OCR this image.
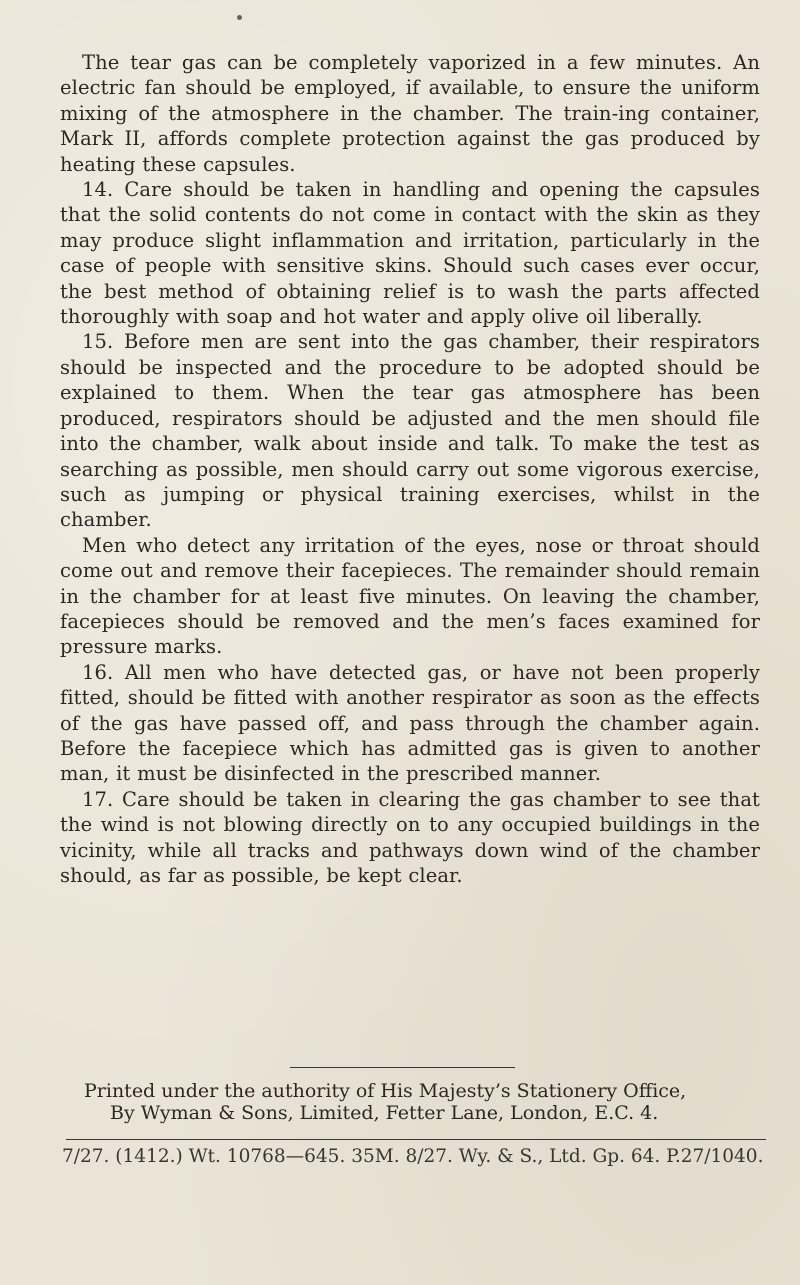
The tear gas can be completely vaporized in a few minutes. An electric fan should be employed, if available, to ensure the uniform mixing of the atmosphere in the chamber. The train-ing container, Mark II, affords complete protection against the gas produced by heating these capsules.

14. Care should be taken in handling and opening the capsules that the solid contents do not come in contact with the skin as they may produce slight inflammation and irritation, particularly in the case of people with sensitive skins. Should such cases ever occur, the best method of obtaining relief is to wash the parts affected thoroughly with soap and hot water and apply olive oil liberally.

15. Before men are sent into the gas chamber, their respirators should be inspected and the procedure to be adopted should be explained to them. When the tear gas atmosphere has been produced, respirators should be adjusted and the men should file into the chamber, walk about inside and talk. To make the test as searching as possible, men should carry out some vigorous exercise, such as jumping or physical training exercises, whilst in the chamber.

Men who detect any irritation of the eyes, nose or throat should come out and remove their facepieces. The remainder should remain in the chamber for at least five minutes. On leaving the chamber, facepieces should be removed and the men’s faces examined for pressure marks.

16. All men who have detected gas, or have not been properly fitted, should be fitted with another respirator as soon as the effects of the gas have passed off, and pass through the chamber again. Before the facepiece which has admitted gas is given to another man, it must be disinfected in the prescribed manner.

17. Care should be taken in clearing the gas chamber to see that the wind is not blowing directly on to any occupied buildings in the vicinity, while all tracks and pathways down wind of the chamber should, as far as possible, be kept clear.

Printed under the authority of His Majesty’s Stationery Office,
By Wyman & Sons, Limited, Fetter Lane, London, E.C. 4.
7/27. (1412.) Wt. 10768—645. 35M. 8/27. Wy. & S., Ltd. Gp. 64. P.27/1040.
